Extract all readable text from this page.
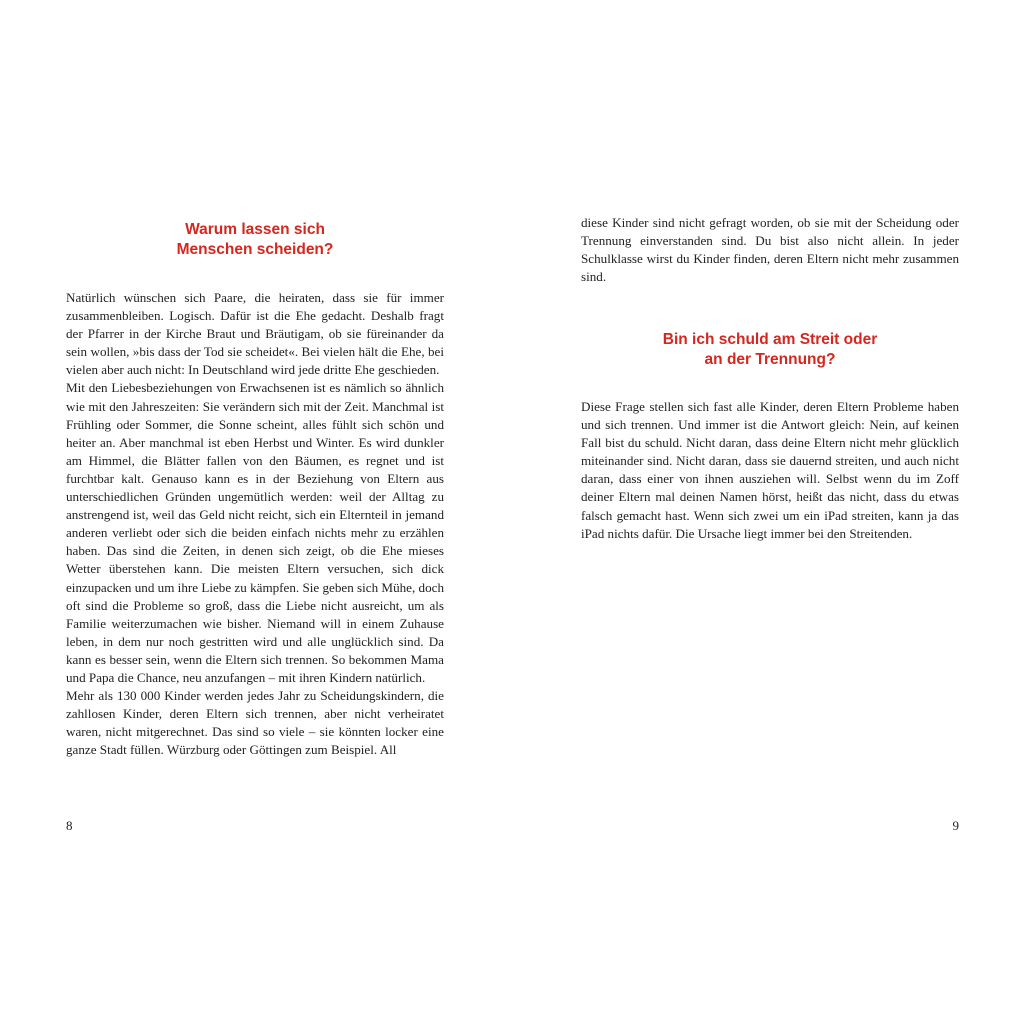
Warum lassen sich
Menschen scheiden?

Natürlich wünschen sich Paare, die heiraten, dass sie für immer zusammenbleiben. Logisch. Dafür ist die Ehe gedacht. Deshalb fragt der Pfarrer in der Kirche Braut und Bräutigam, ob sie füreinander da sein wollen, »bis dass der Tod sie scheidet«. Bei vielen hält die Ehe, bei vielen aber auch nicht: In Deutschland wird jede dritte Ehe geschieden.

Mit den Liebesbeziehungen von Erwachsenen ist es nämlich so ähnlich wie mit den Jahreszeiten: Sie verändern sich mit der Zeit. Manchmal ist Frühling oder Sommer, die Sonne scheint, alles fühlt sich schön und heiter an. Aber manchmal ist eben Herbst und Winter. Es wird dunkler am Himmel, die Blätter fallen von den Bäumen, es regnet und ist furchtbar kalt. Genauso kann es in der Beziehung von Eltern aus unterschiedlichen Gründen ungemütlich werden: weil der Alltag zu anstrengend ist, weil das Geld nicht reicht, sich ein Elternteil in jemand anderen verliebt oder sich die beiden einfach nichts mehr zu erzählen haben. Das sind die Zeiten, in denen sich zeigt, ob die Ehe mieses Wetter überstehen kann. Die meisten Eltern versuchen, sich dick einzupacken und um ihre Liebe zu kämpfen. Sie geben sich Mühe, doch oft sind die Probleme so groß, dass die Liebe nicht ausreicht, um als Familie weiterzumachen wie bisher. Niemand will in einem Zuhause leben, in dem nur noch gestritten wird und alle unglücklich sind. Da kann es besser sein, wenn die Eltern sich trennen. So bekommen Mama und Papa die Chance, neu anzufangen – mit ihren Kindern natürlich.

Mehr als 130 000 Kinder werden jedes Jahr zu Scheidungskindern, die zahllosen Kinder, deren Eltern sich trennen, aber nicht verheiratet waren, nicht mitgerechnet. Das sind so viele – sie könnten locker eine ganze Stadt füllen. Würzburg oder Göttingen zum Beispiel. All

8

diese Kinder sind nicht gefragt worden, ob sie mit der Scheidung oder Trennung einverstanden sind. Du bist also nicht allein. In jeder Schulklasse wirst du Kinder finden, deren Eltern nicht mehr zusammen sind.

Bin ich schuld am Streit oder
an der Trennung?

Diese Frage stellen sich fast alle Kinder, deren Eltern Probleme haben und sich trennen. Und immer ist die Antwort gleich: Nein, auf keinen Fall bist du schuld. Nicht daran, dass deine Eltern nicht mehr glücklich miteinander sind. Nicht daran, dass sie dauernd streiten, und auch nicht daran, dass einer von ihnen ausziehen will. Selbst wenn du im Zoff deiner Eltern mal deinen Namen hörst, heißt das nicht, dass du etwas falsch gemacht hast. Wenn sich zwei um ein iPad streiten, kann ja das iPad nichts dafür. Die Ursache liegt immer bei den Streitenden.

9
